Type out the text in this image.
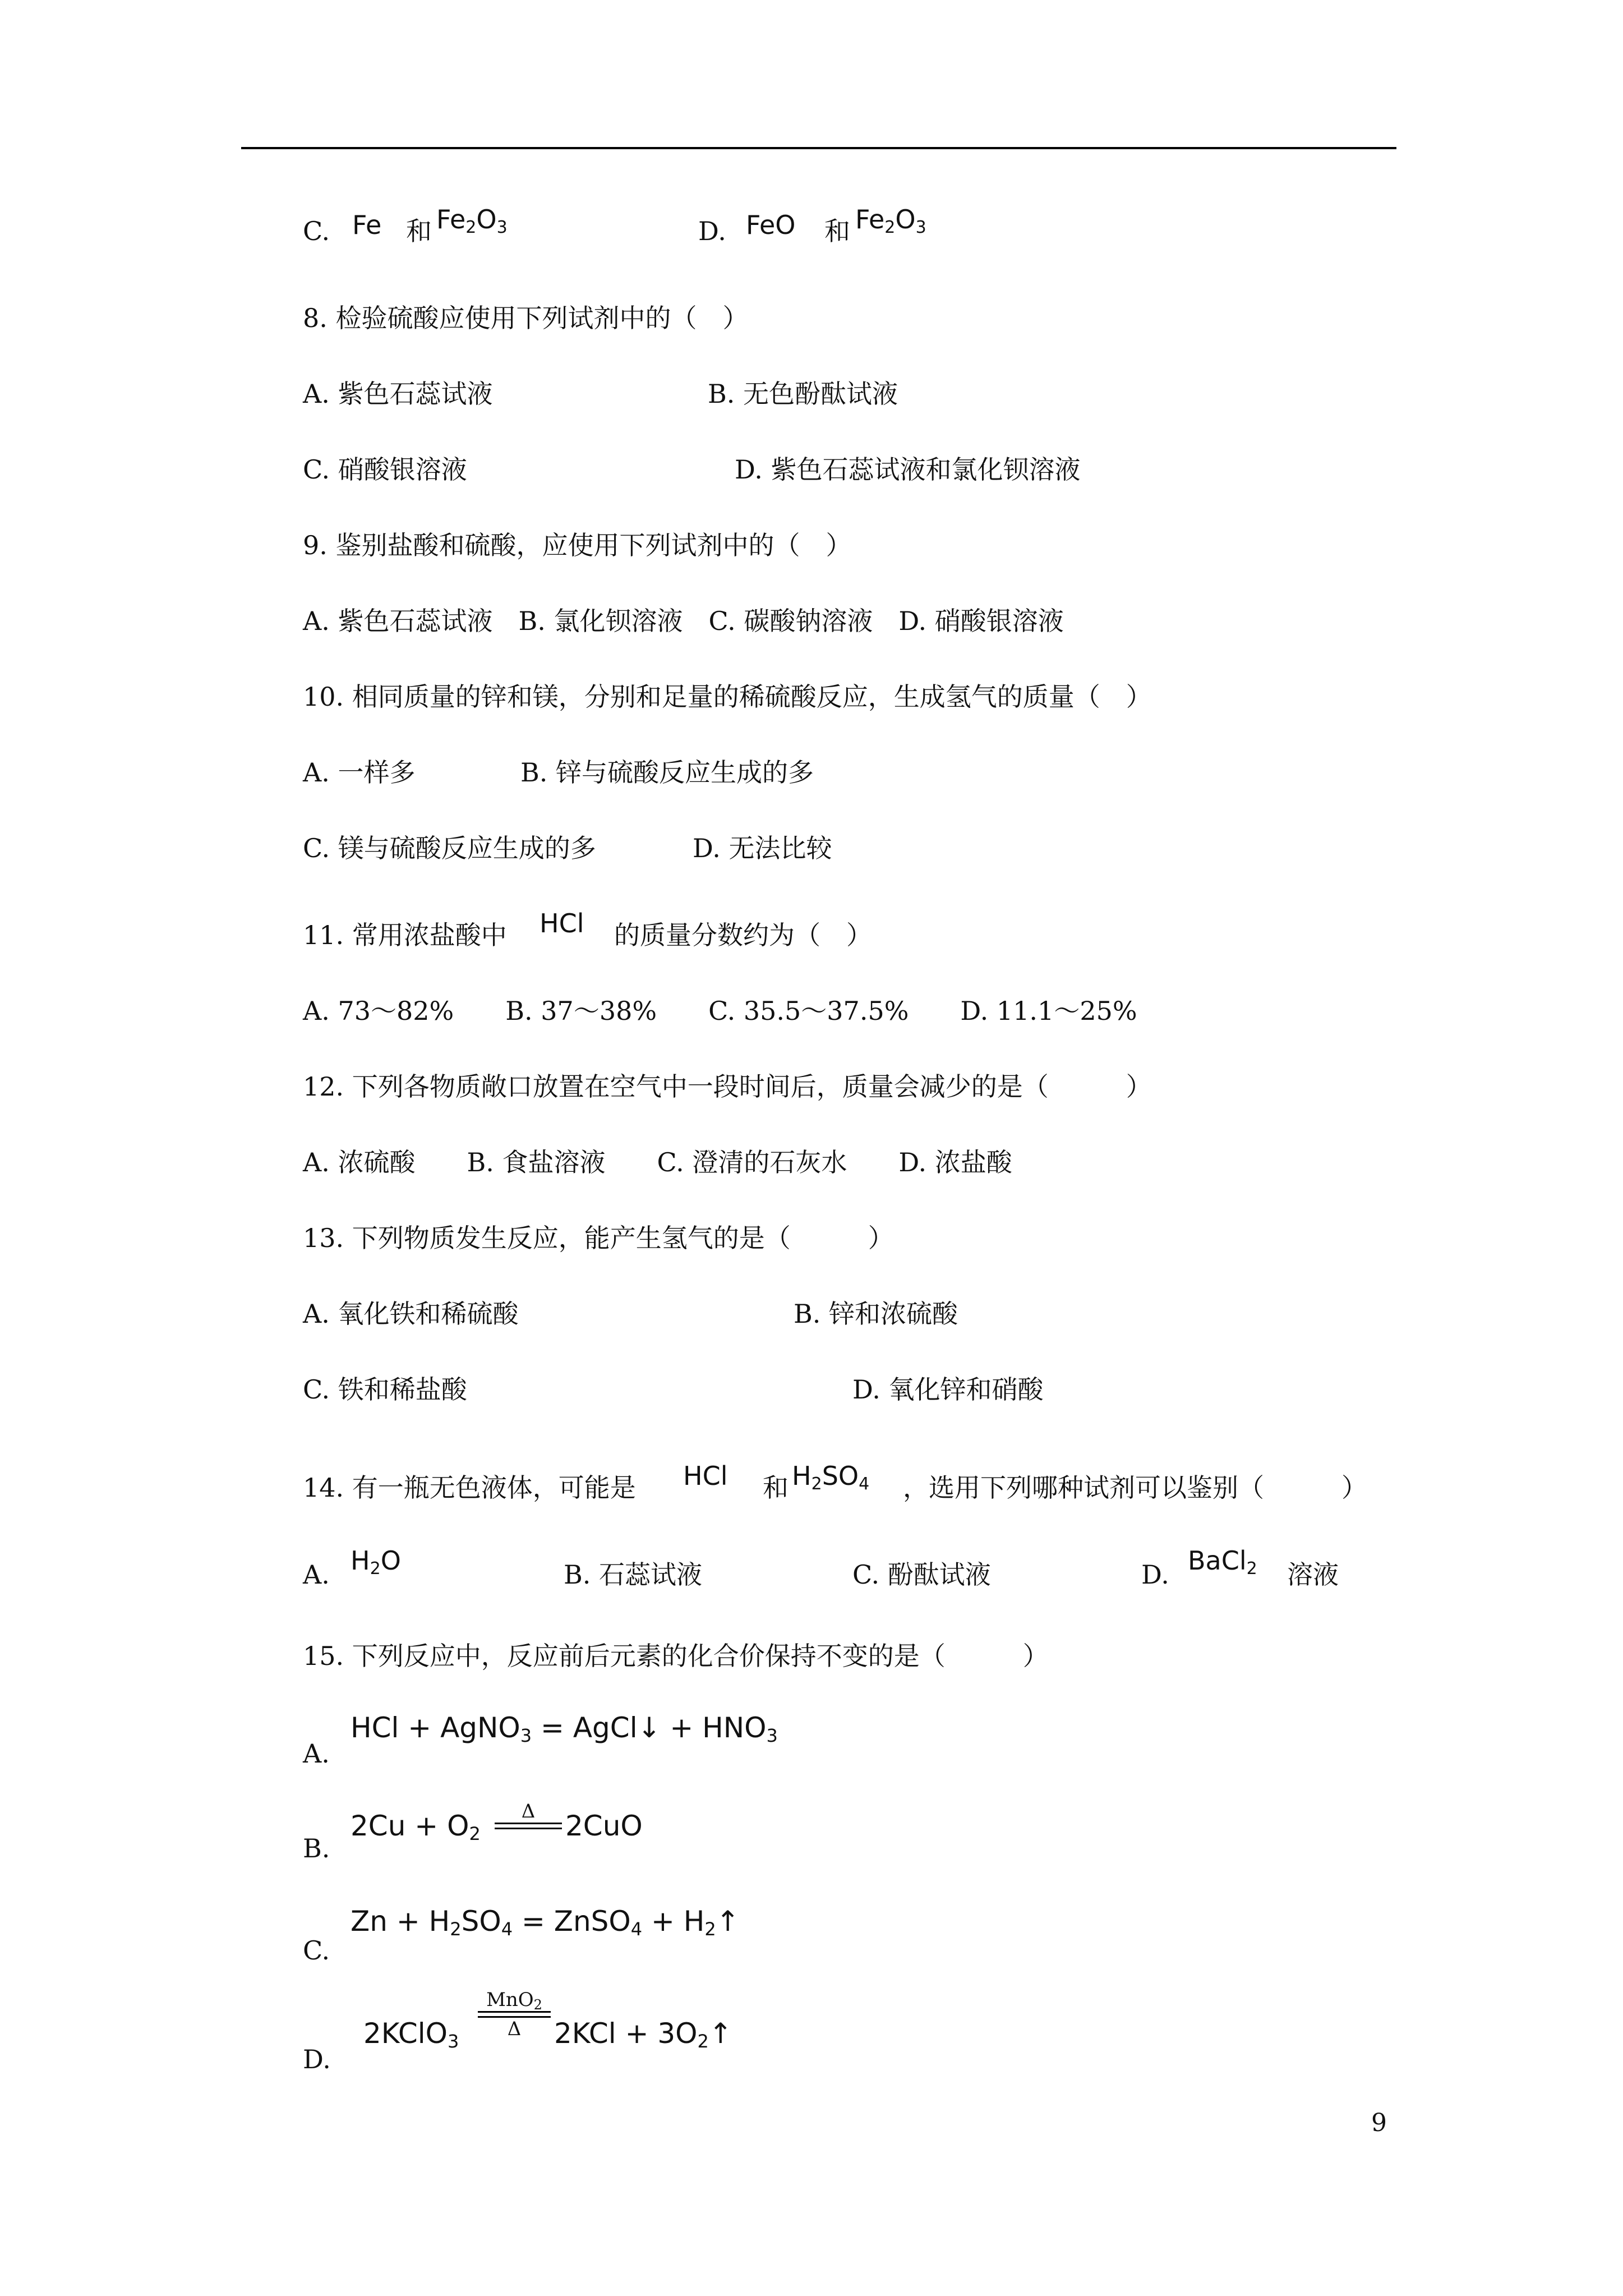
C. Fe 和 $Fe_2O_3$	D. FeO 和 $Fe_2O_3$
8. 检验硫酸应使用下列试剂中的（　）
A. 紫色石蕊试液	B. 无色酚酞试液
C. 硝酸银溶液	D. 紫色石蕊试液和氯化钡溶液
9. 鉴别盐酸和硫酸，应使用下列试剂中的（　）
A. 紫色石蕊试液　B. 氯化钡溶液　C. 碳酸钠溶液　D. 硝酸银溶液
10. 相同质量的锌和镁，分别和足量的稀硫酸反应，生成氢气的质量（　）
A. 一样多	B. 锌与硫酸反应生成的多
C. 镁与硫酸反应生成的多	D. 无法比较
11. 常用浓盐酸中 HCl 的质量分数约为（　）
A. 73～82%　　B. 37～38%　　C. 35.5～37.5%　　D. 11.1～25%
12. 下列各物质敞口放置在空气中一段时间后，质量会减少的是（　　　）
A. 浓硫酸　　B. 食盐溶液　　C. 澄清的石灰水　　D. 浓盐酸
13. 下列物质发生反应，能产生氢气的是（　　　）
A. 氧化铁和稀硫酸	B. 锌和浓硫酸
C. 铁和稀盐酸	D. 氧化锌和硝酸
14. 有一瓶无色液体，可能是 HCl 和 $H_2SO_4$ ，选用下列哪种试剂可以鉴别（　　　）
A. $H_2O$	B. 石蕊试液	C. 酚酞试液	D. BaCl$_2$ 溶液
15. 下列反应中，反应前后元素的化合价保持不变的是（　　　）
A.
HCl + AgNO$_3$ = AgCl↓ + $HNO_3$
B.
$2Cu + O_2$
Δ	2CuO
C.
$Zn + H_2SO_4$ = ZnSO$_4$ + $H_2↑$
D.
2KClO$_3$
MnO$_2$
Δ	$2KCl + 3O_2↑$
9
